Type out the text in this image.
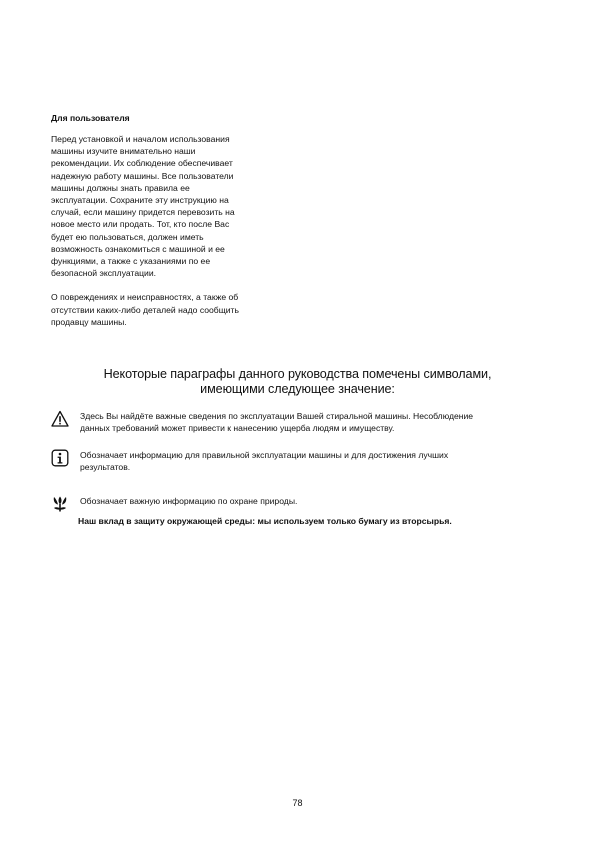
Для пользователя

Перед установкой и началом использования
машины изучите внимательно наши
рекомендации. Их соблюдение обеспечивает
надежную работу машины. Все пользователи
машины должны знать правила ее
эксплуатации. Сохраните эту инструкцию на
случай, если машину придется перевозить на
новое место или продать. Тот, кто после Вас
будет ею пользоваться, должен иметь
возможность ознакомиться с машиной и ее
функциями, а также с указаниями по ее
безопасной эксплуатации.

О повреждениях и неисправностях, а также об
отсутствии каких-либо деталей надо сообщить
продавцу машины.

Некоторые параграфы данного руководства помечены символами,
имеющими следующее значение:
Здесь Вы найдёте важные сведения по эксплуатации Вашей стиральной машины. Несоблюдение
данных требований может привести к нанесению ущерба людям и имуществу.
Обозначает информацию для правильной эксплуатации машины и для достижения лучших
результатов.
Обозначает важную информацию по охране природы.
Наш вклад в защиту окружающей среды: мы используем только бумагу из вторсырья.
78
